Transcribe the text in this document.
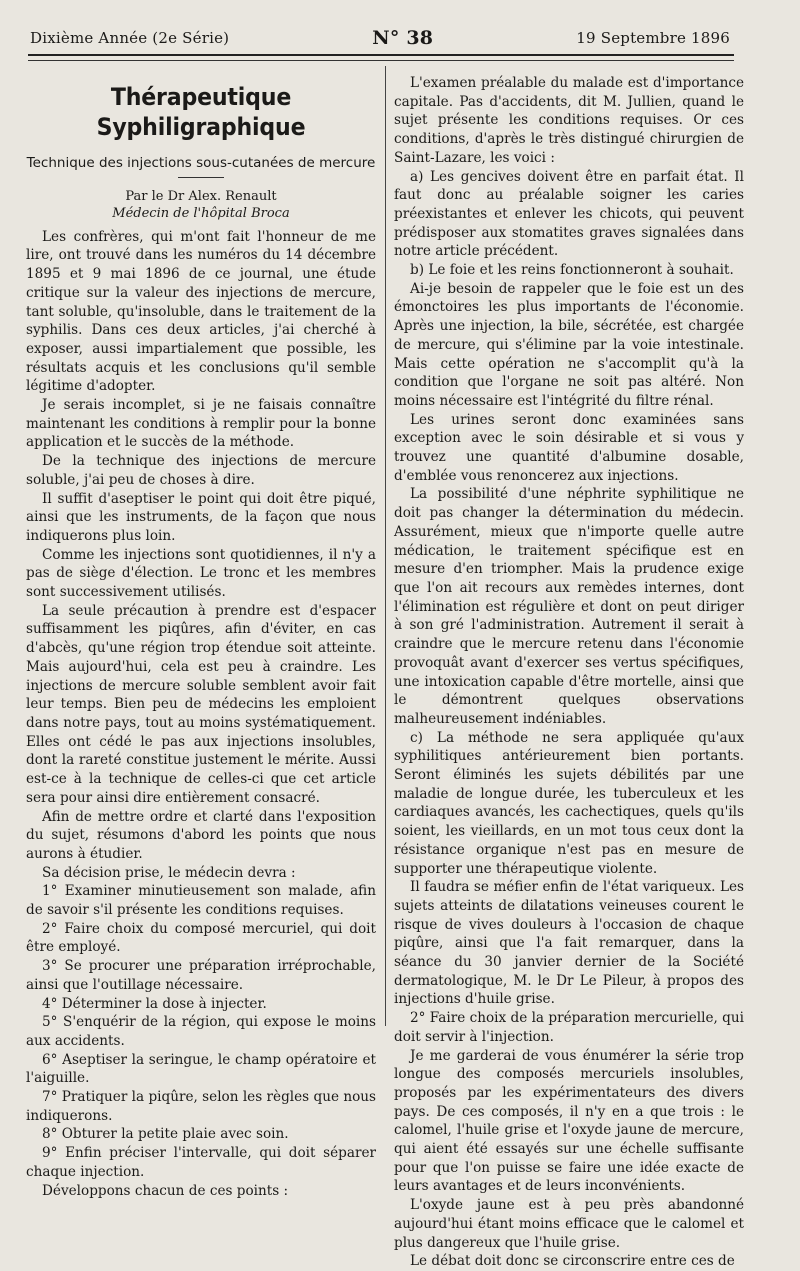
Dixième Année (2e Série)	N° 38	19 Septembre 1896
Thérapeutique Syphiligraphique
Technique des injections sous-cutanées de mercure
Par le Dr Alex. Renault
Médecin de l'hôpital Broca

Les confrères, qui m'ont fait l'honneur de me lire, ont trouvé dans les numéros du 14 décembre 1895 et 9 mai 1896 de ce journal, une étude critique sur la valeur des injections de mercure, tant soluble, qu'insoluble, dans le traitement de la syphilis. Dans ces deux articles, j'ai cherché à exposer, aussi impartialement que possible, les résultats acquis et les conclusions qu'il semble légitime d'adopter.

Je serais incomplet, si je ne faisais connaître maintenant les conditions à remplir pour la bonne application et le succès de la méthode.

De la technique des injections de mercure soluble, j'ai peu de choses à dire.

Il suffit d'aseptiser le point qui doit être piqué, ainsi que les instruments, de la façon que nous indiquerons plus loin.

Comme les injections sont quotidiennes, il n'y a pas de siège d'élection. Le tronc et les membres sont successivement utilisés.

La seule précaution à prendre est d'espacer suffisamment les piqûres, afin d'éviter, en cas d'abcès, qu'une région trop étendue soit atteinte. Mais aujourd'hui, cela est peu à craindre. Les injections de mercure soluble semblent avoir fait leur temps. Bien peu de médecins les emploient dans notre pays, tout au moins systématiquement. Elles ont cédé le pas aux injections insolubles, dont la rareté constitue justement le mérite. Aussi est-ce à la technique de celles-ci que cet article sera pour ainsi dire entièrement consacré.

Afin de mettre ordre et clarté dans l'exposition du sujet, résumons d'abord les points que nous aurons à étudier.

Sa décision prise, le médecin devra :

1° Examiner minutieusement son malade, afin de savoir s'il présente les conditions requises.

2° Faire choix du composé mercuriel, qui doit être employé.

3° Se procurer une préparation irréprochable, ainsi que l'outillage nécessaire.

4° Déterminer la dose à injecter.

5° S'enquérir de la région, qui expose le moins aux accidents.

6° Aseptiser la seringue, le champ opératoire et l'aiguille.

7° Pratiquer la piqûre, selon les règles que nous indiquerons.

8° Obturer la petite plaie avec soin.

9° Enfin préciser l'intervalle, qui doit séparer chaque injection.

Développons chacun de ces points :

L'examen préalable du malade est d'importance capitale. Pas d'accidents, dit M. Jullien, quand le sujet présente les conditions requises. Or ces conditions, d'après le très distingué chirurgien de Saint-Lazare, les voici :

a) Les gencives doivent être en parfait état. Il faut donc au préalable soigner les caries préexistantes et enlever les chicots, qui peuvent prédisposer aux stomatites graves signalées dans notre article précédent.

b) Le foie et les reins fonctionneront à souhait.

Ai-je besoin de rappeler que le foie est un des émonctoires les plus importants de l'économie. Après une injection, la bile, sécrétée, est chargée de mercure, qui s'élimine par la voie intestinale. Mais cette opération ne s'accomplit qu'à la condition que l'organe ne soit pas altéré. Non moins nécessaire est l'intégrité du filtre rénal.

Les urines seront donc examinées sans exception avec le soin désirable et si vous y trouvez une quantité d'albumine dosable, d'emblée vous renoncerez aux injections.

La possibilité d'une néphrite syphilitique ne doit pas changer la détermination du médecin. Assurément, mieux que n'importe quelle autre médication, le traitement spécifique est en mesure d'en triompher. Mais la prudence exige que l'on ait recours aux remèdes internes, dont l'élimination est régulière et dont on peut diriger à son gré l'administration. Autrement il serait à craindre que le mercure retenu dans l'économie provoquât avant d'exercer ses vertus spécifiques, une intoxication capable d'être mortelle, ainsi que le démontrent quelques observations malheureusement indéniables.

c) La méthode ne sera appliquée qu'aux syphilitiques antérieurement bien portants. Seront éliminés les sujets débilités par une maladie de longue durée, les tuberculeux et les cardiaques avancés, les cachectiques, quels qu'ils soient, les vieillards, en un mot tous ceux dont la résistance organique n'est pas en mesure de supporter une thérapeutique violente.

Il faudra se méfier enfin de l'état variqueux. Les sujets atteints de dilatations veineuses courent le risque de vives douleurs à l'occasion de chaque piqûre, ainsi que l'a fait remarquer, dans la séance du 30 janvier dernier de la Société dermatologique, M. le Dr Le Pileur, à propos des injections d'huile grise.

2° Faire choix de la préparation mercurielle, qui doit servir à l'injection.

Je me garderai de vous énumérer la série trop longue des composés mercuriels insolubles, proposés par les expérimentateurs des divers pays. De ces composés, il n'y en a que trois : le calomel, l'huile grise et l'oxyde jaune de mercure, qui aient été essayés sur une échelle suffisante pour que l'on puisse se faire une idée exacte de leurs avantages et de leurs inconvénients.

L'oxyde jaune est à peu près abandonné aujourd'hui étant moins efficace que le calomel et plus dangereux que l'huile grise.

Le débat doit donc se circonscrire entre ces de
